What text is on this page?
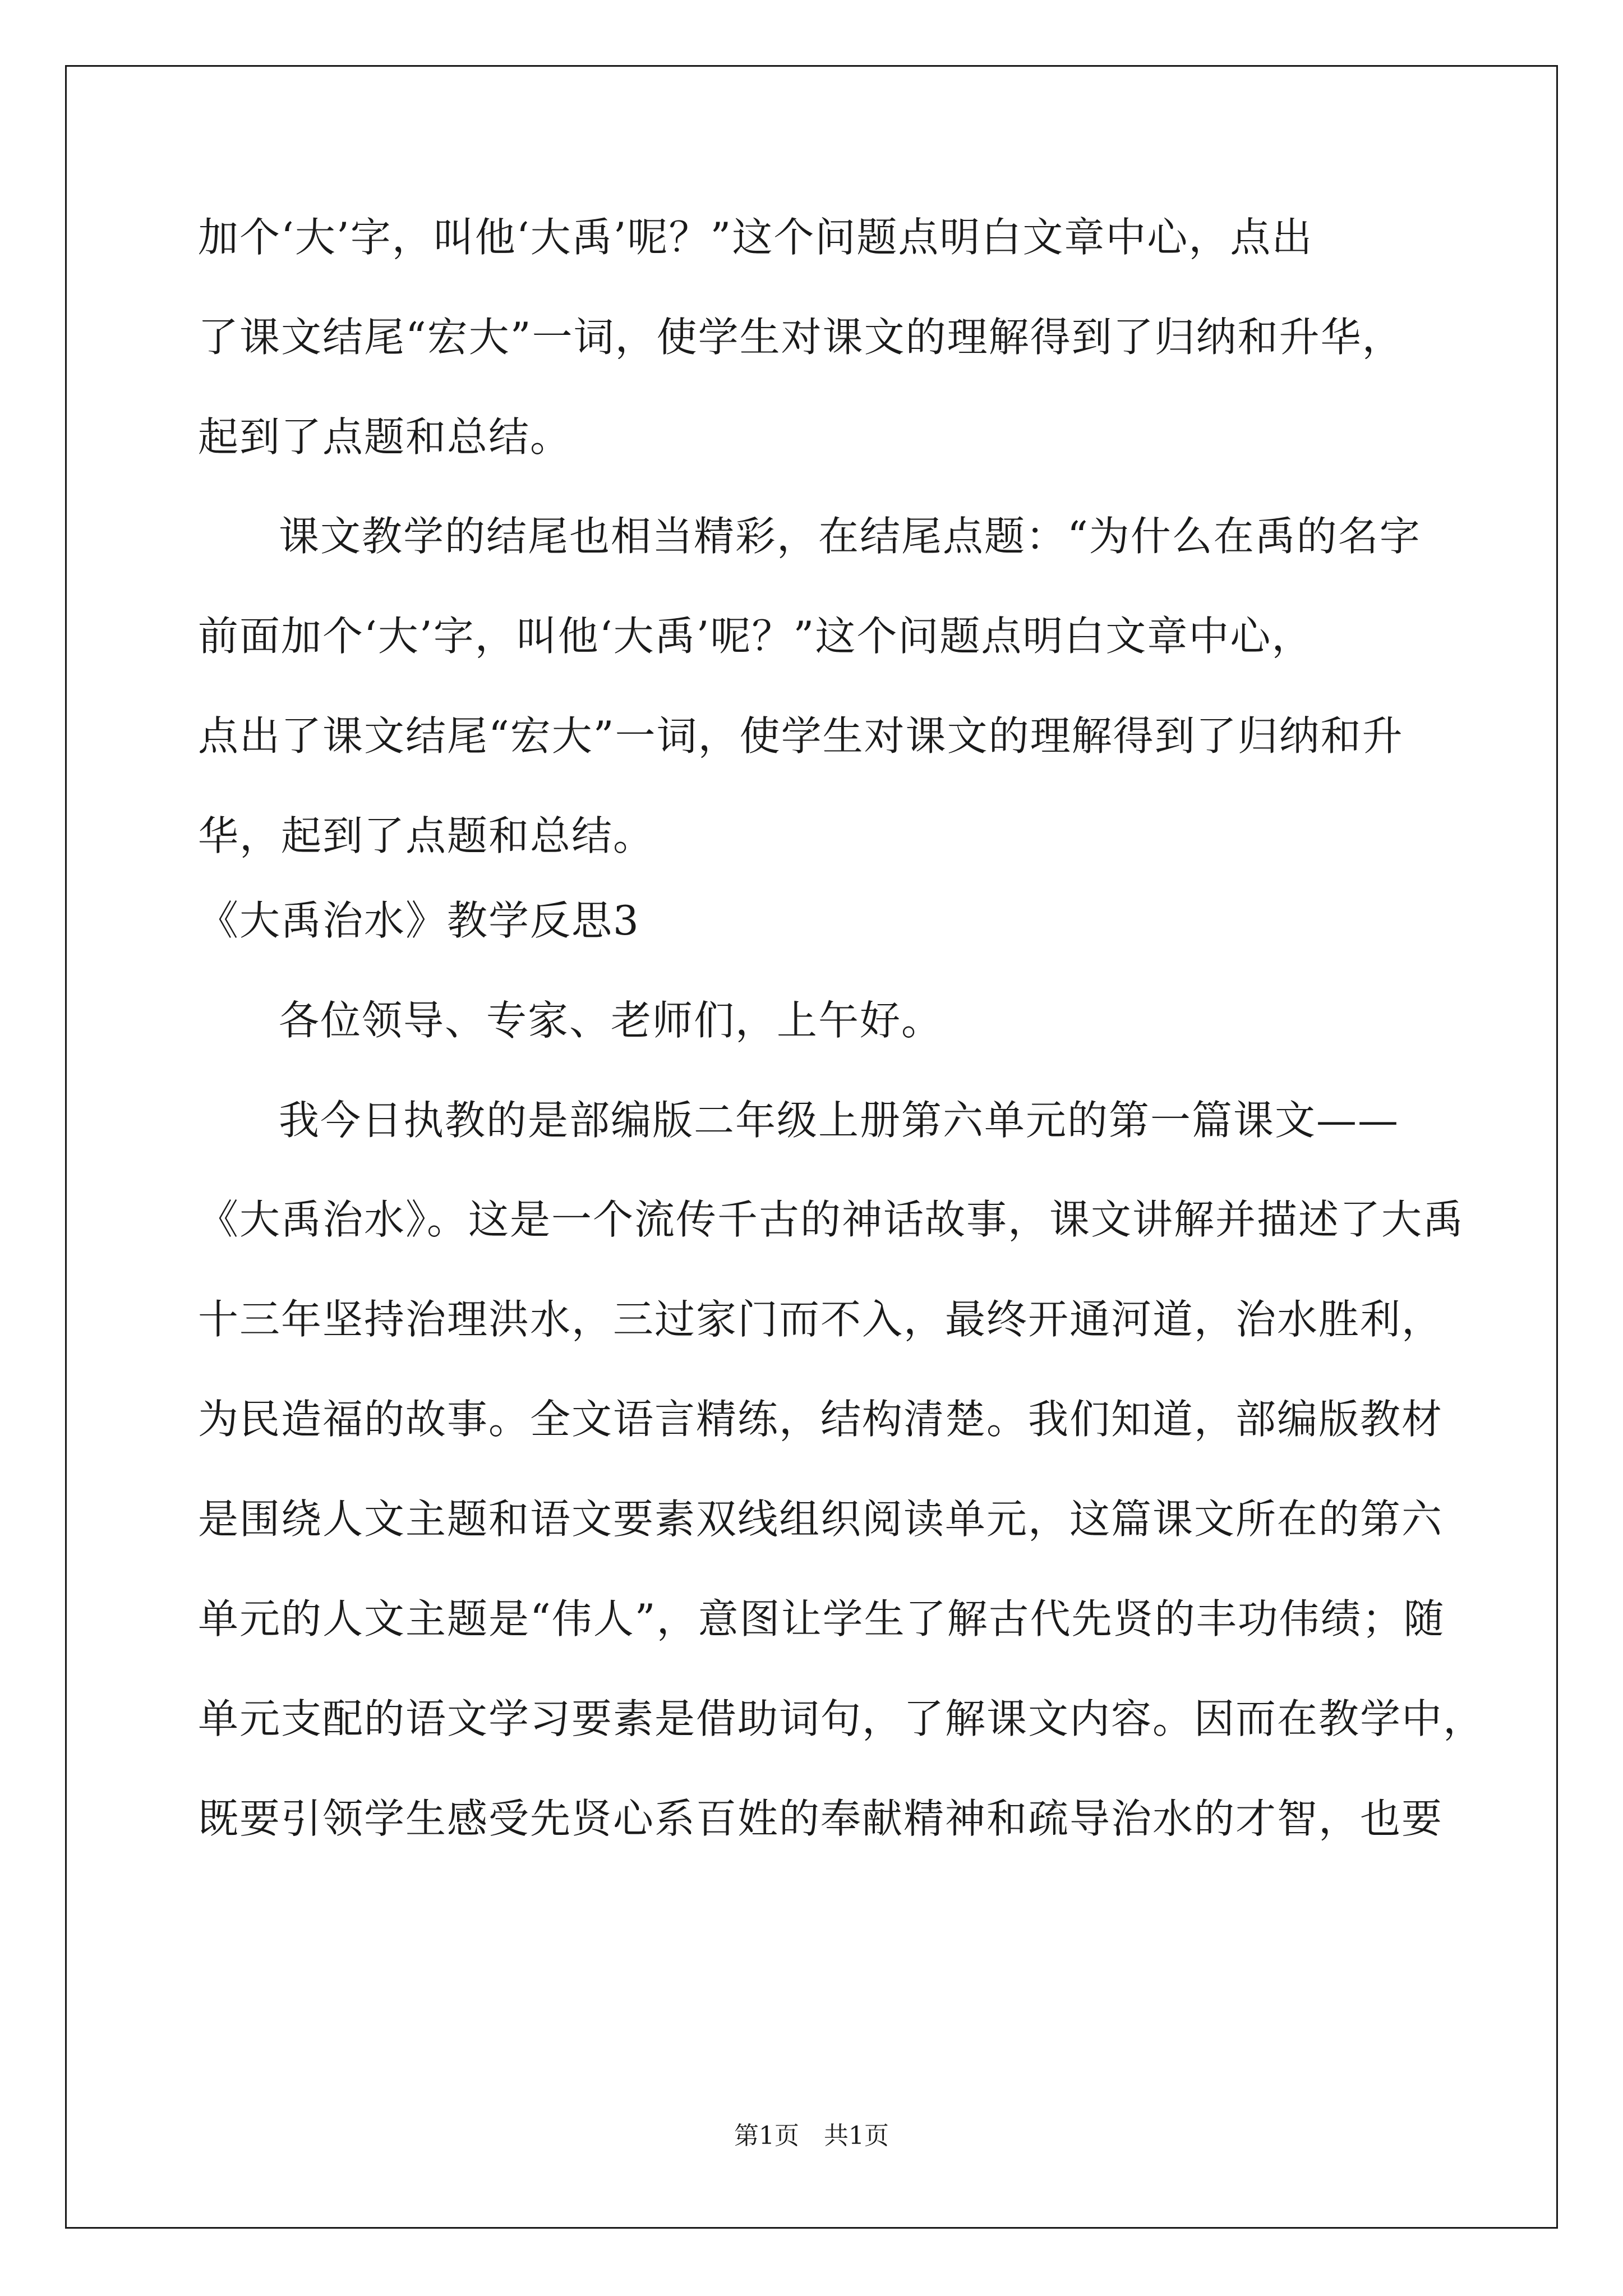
加个‘大’字，叫他‘大禹’呢？”这个问题点明白文章中心，点出
了课文结尾“宏大”一词，使学生对课文的理解得到了归纳和升华，
起到了点题和总结。
课文教学的结尾也相当精彩，在结尾点题：“为什么在禹的名字
前面加个‘大’字，叫他‘大禹’呢？”这个问题点明白文章中心，
点出了课文结尾“宏大”一词，使学生对课文的理解得到了归纳和升
华，起到了点题和总结。
《大禹治水》教学反思3
各位领导、专家、老师们，上午好。
我今日执教的是部编版二年级上册第六单元的第一篇课文——
《大禹治水》。这是一个流传千古的神话故事，课文讲解并描述了大禹
十三年坚持治理洪水，三过家门而不入，最终开通河道，治水胜利，
为民造福的故事。全文语言精练，结构清楚。我们知道，部编版教材
是围绕人文主题和语文要素双线组织阅读单元，这篇课文所在的第六
单元的人文主题是“伟人”，意图让学生了解古代先贤的丰功伟绩；随
单元支配的语文学习要素是借助词句，了解课文内容。因而在教学中，
既要引领学生感受先贤心系百姓的奉献精神和疏导治水的才智，也要
第1页　共1页
